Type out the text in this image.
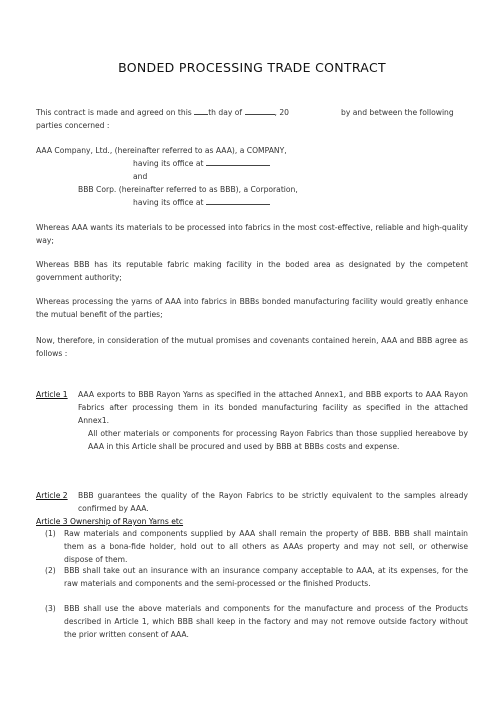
BONDED PROCESSING TRADE CONTRACT
This contract is made and agreed on this th day of	, 20	by and between the following
parties concerned :
AAA Company, Ltd., (hereinafter referred to as AAA), a COMPANY,
having its office at
and
BBB Corp. (hereinafter referred to as BBB), a Corporation,
having its office at
Whereas AAA wants its materials to be processed into fabrics in the most cost-effective, reliable and high-quality way;
Whereas BBB has its reputable fabric making facility in the boded area as designated by the competent government authority;
Whereas processing the yarns of AAA into fabrics in BBBs bonded manufacturing facility would greatly enhance the mutual benefit of the parties;
Now, therefore, in consideration of the mutual promises and covenants contained herein, AAA and BBB agree as follows :
Article 1 AAA exports to BBB Rayon Yarns as specified in the attached Annex1, and BBB exports to AAA Rayon Fabrics after processing them in its bonded manufacturing facility as specified in the attached Annex1.
All other materials or components for processing Rayon Fabrics than those supplied hereabove by AAA in this Article shall be procured and used by BBB at BBBs costs and expense.
Article 2 BBB guarantees the quality of the Rayon Fabrics to be strictly equivalent to the samples already confirmed by AAA.
Article 3 Ownership of Rayon Yarns etc
(1) Raw materials and components supplied by AAA shall remain the property of BBB. BBB shall maintain them as a bona-fide holder, hold out to all others as AAAs property and may not sell, or otherwise dispose of them.
(2) BBB shall take out an insurance with an insurance company acceptable to AAA, at its expenses, for the raw materials and components and the semi-processed or the finished Products.
(3) BBB shall use the above materials and components for the manufacture and process of the Products described in Article 1, which BBB shall keep in the factory and may not remove outside factory without the prior written consent of AAA.
